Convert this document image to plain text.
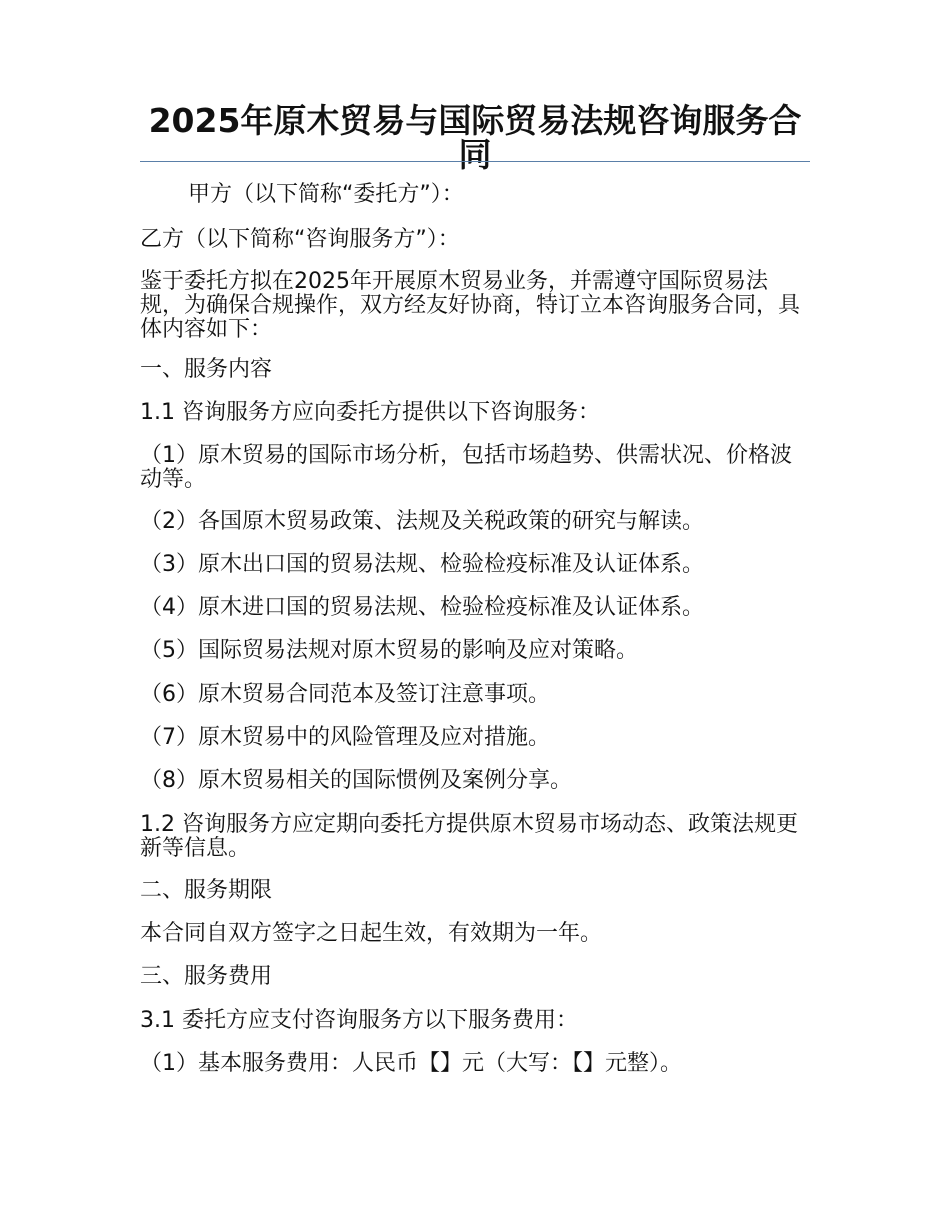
2025年原木贸易与国际贸易法规咨询服务合同
甲方（以下简称“委托方”）：
乙方（以下简称“咨询服务方”）：
鉴于委托方拟在2025年开展原木贸易业务，并需遵守国际贸易法规，为确保合规操作，双方经友好协商，特订立本咨询服务合同，具体内容如下：
一、服务内容
1.1 咨询服务方应向委托方提供以下咨询服务：
（1）原木贸易的国际市场分析，包括市场趋势、供需状况、价格波动等。
（2）各国原木贸易政策、法规及关税政策的研究与解读。
（3）原木出口国的贸易法规、检验检疫标准及认证体系。
（4）原木进口国的贸易法规、检验检疫标准及认证体系。
（5）国际贸易法规对原木贸易的影响及应对策略。
（6）原木贸易合同范本及签订注意事项。
（7）原木贸易中的风险管理及应对措施。
（8）原木贸易相关的国际惯例及案例分享。
1.2 咨询服务方应定期向委托方提供原木贸易市场动态、政策法规更新等信息。
二、服务期限
本合同自双方签字之日起生效，有效期为一年。
三、服务费用
3.1 委托方应支付咨询服务方以下服务费用：
（1）基本服务费用：人民币【】元（大写：【】元整）。
